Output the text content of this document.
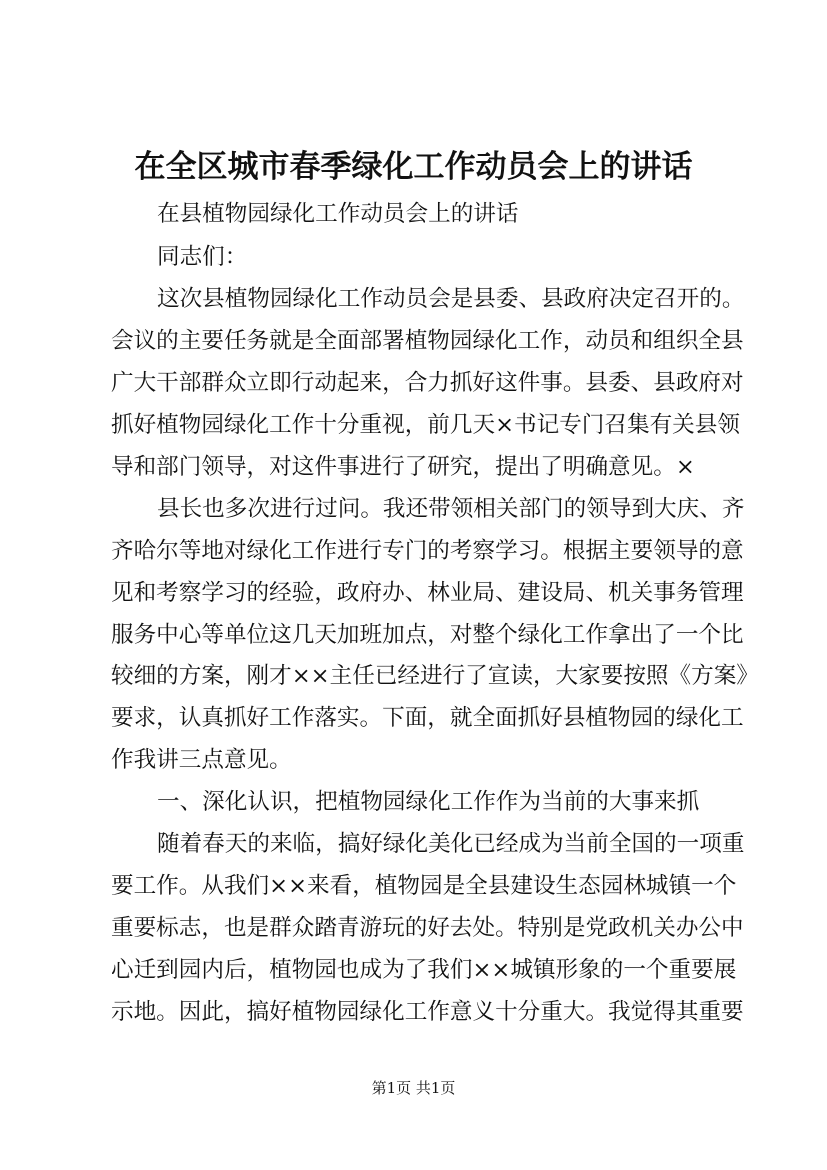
在全区城市春季绿化工作动员会上的讲话

在县植物园绿化工作动员会上的讲话

同志们：

这次县植物园绿化工作动员会是县委、县政府决定召开的。

会议的主要任务就是全面部署植物园绿化工作，动员和组织全县

广大干部群众立即行动起来，合力抓好这件事。县委、县政府对

抓好植物园绿化工作十分重视，前几天×书记专门召集有关县领

导和部门领导，对这件事进行了研究，提出了明确意见。×

县长也多次进行过问。我还带领相关部门的领导到大庆、齐

齐哈尔等地对绿化工作进行专门的考察学习。根据主要领导的意

见和考察学习的经验，政府办、林业局、建设局、机关事务管理

服务中心等单位这几天加班加点，对整个绿化工作拿出了一个比

较细的方案，刚才××主任已经进行了宣读，大家要按照《方案》

要求，认真抓好工作落实。下面，就全面抓好县植物园的绿化工

作我讲三点意见。

一、深化认识，把植物园绿化工作作为当前的大事来抓

随着春天的来临，搞好绿化美化已经成为当前全国的一项重

要工作。从我们××来看，植物园是全县建设生态园林城镇一个

重要标志，也是群众踏青游玩的好去处。特别是党政机关办公中

心迁到园内后，植物园也成为了我们××城镇形象的一个重要展

示地。因此，搞好植物园绿化工作意义十分重大。我觉得其重要

第1页 共1页
